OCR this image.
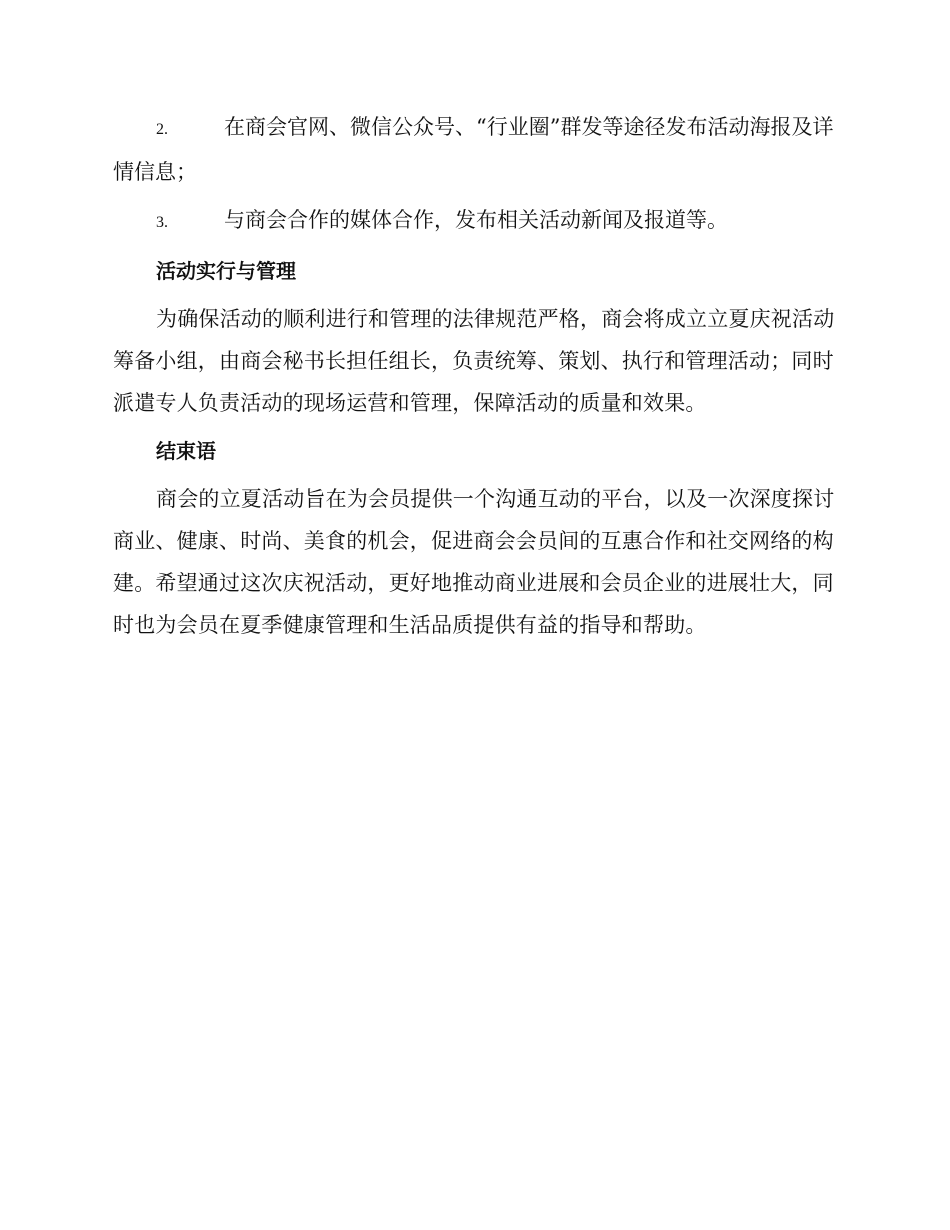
2.	在商会官网、微信公众号、“行业圈”群发等途径发布活动海报及详情信息；
3.	与商会合作的媒体合作，发布相关活动新闻及报道等。
活动实行与管理
为确保活动的顺利进行和管理的法律规范严格，商会将成立立夏庆祝活动筹备小组，由商会秘书长担任组长，负责统筹、策划、执行和管理活动；同时派遣专人负责活动的现场运营和管理，保障活动的质量和效果。
结束语
商会的立夏活动旨在为会员提供一个沟通互动的平台，以及一次深度探讨商业、健康、时尚、美食的机会，促进商会会员间的互惠合作和社交网络的构建。希望通过这次庆祝活动，更好地推动商业进展和会员企业的进展壮大，同时也为会员在夏季健康管理和生活品质提供有益的指导和帮助。
